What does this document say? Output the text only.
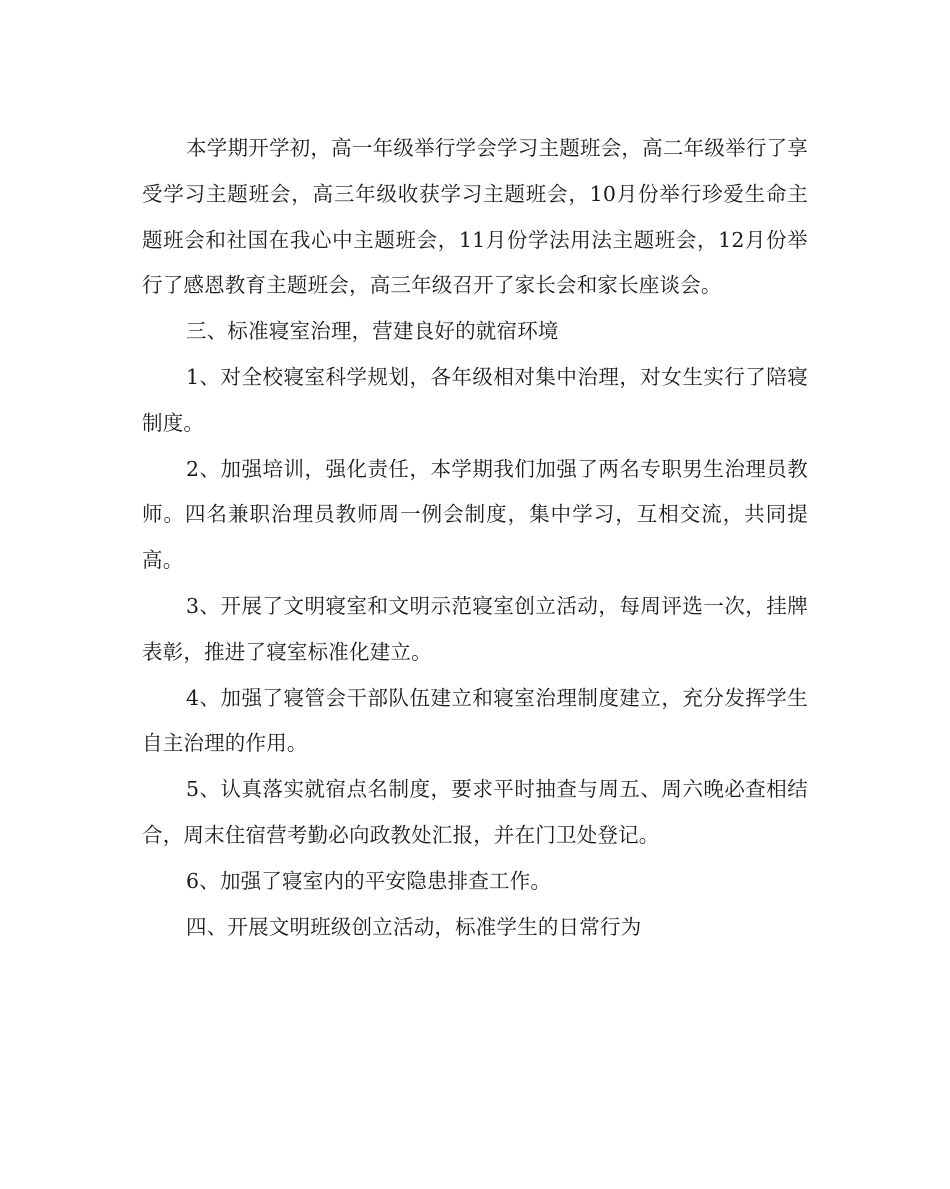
本学期开学初，高一年级举行学会学习主题班会，高二年级举行了享受学习主题班会，高三年级收获学习主题班会，10月份举行珍爱生命主题班会和社国在我心中主题班会，11月份学法用法主题班会，12月份举行了感恩教育主题班会，高三年级召开了家长会和家长座谈会。

三、标准寝室治理，营建良好的就宿环境

1、对全校寝室科学规划，各年级相对集中治理，对女生实行了陪寝制度。

2、加强培训，强化责任，本学期我们加强了两名专职男生治理员教师。四名兼职治理员教师周一例会制度，集中学习，互相交流，共同提高。

3、开展了文明寝室和文明示范寝室创立活动，每周评选一次，挂牌表彰，推进了寝室标准化建立。

4、加强了寝管会干部队伍建立和寝室治理制度建立，充分发挥学生自主治理的作用。

5、认真落实就宿点名制度，要求平时抽查与周五、周六晚必查相结合，周末住宿营考勤必向政教处汇报，并在门卫处登记。

6、加强了寝室内的平安隐患排查工作。

四、开展文明班级创立活动，标准学生的日常行为
